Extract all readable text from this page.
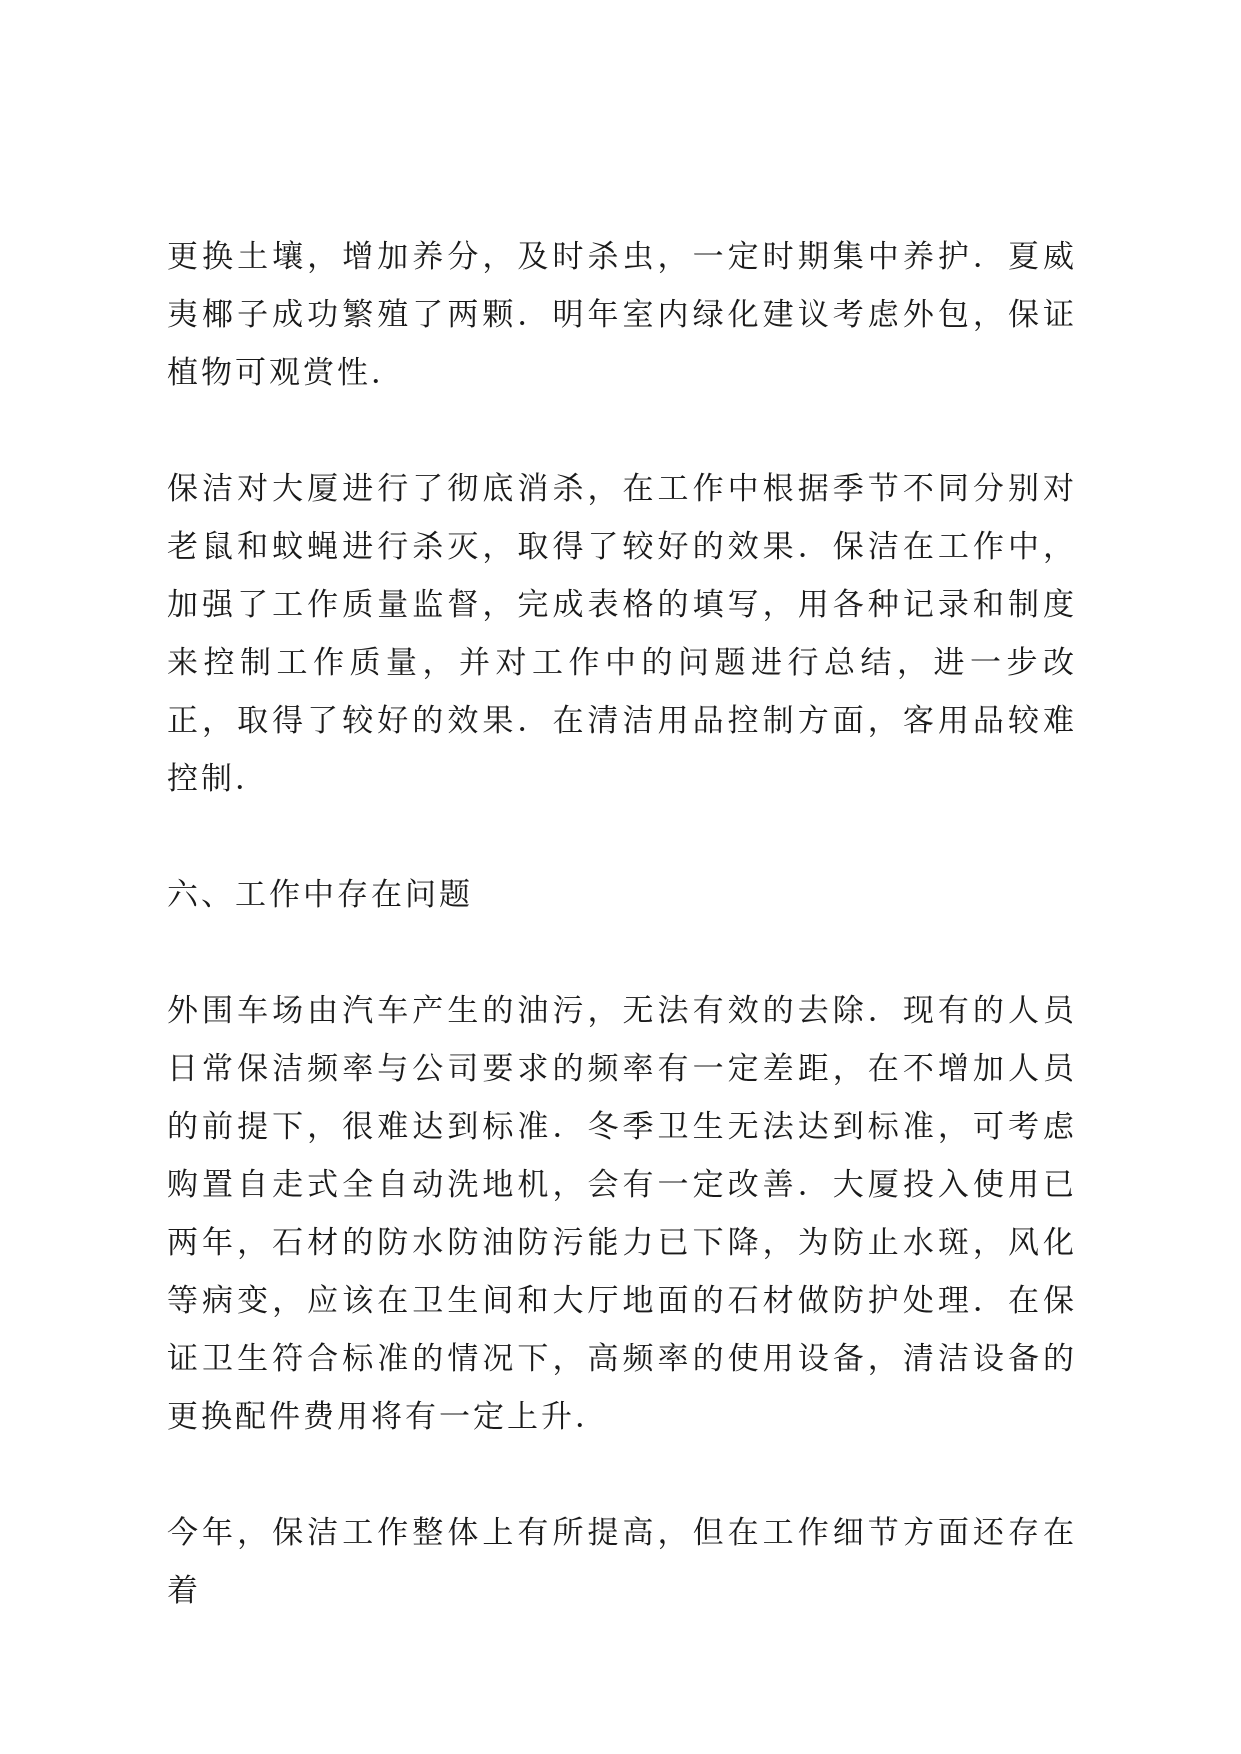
更换土壤，增加养分，及时杀虫，一定时期集中养护．夏威夷椰子成功繁殖了两颗．明年室内绿化建议考虑外包，保证植物可观赏性．

保洁对大厦进行了彻底消杀，在工作中根据季节不同分别对老鼠和蚊蝇进行杀灭，取得了较好的效果．保洁在工作中，加强了工作质量监督，完成表格的填写，用各种记录和制度来控制工作质量，并对工作中的问题进行总结，进一步改正，取得了较好的效果．在清洁用品控制方面，客用品较难控制．

六、工作中存在问题

外围车场由汽车产生的油污，无法有效的去除．现有的人员日常保洁频率与公司要求的频率有一定差距，在不增加人员的前提下，很难达到标准．冬季卫生无法达到标准，可考虑购置自走式全自动洗地机，会有一定改善．大厦投入使用已两年，石材的防水防油防污能力已下降，为防止水斑，风化等病变，应该在卫生间和大厅地面的石材做防护处理．在保证卫生符合标准的情况下，高频率的使用设备，清洁设备的更换配件费用将有一定上升．

今年，保洁工作整体上有所提高，但在工作细节方面还存在着
